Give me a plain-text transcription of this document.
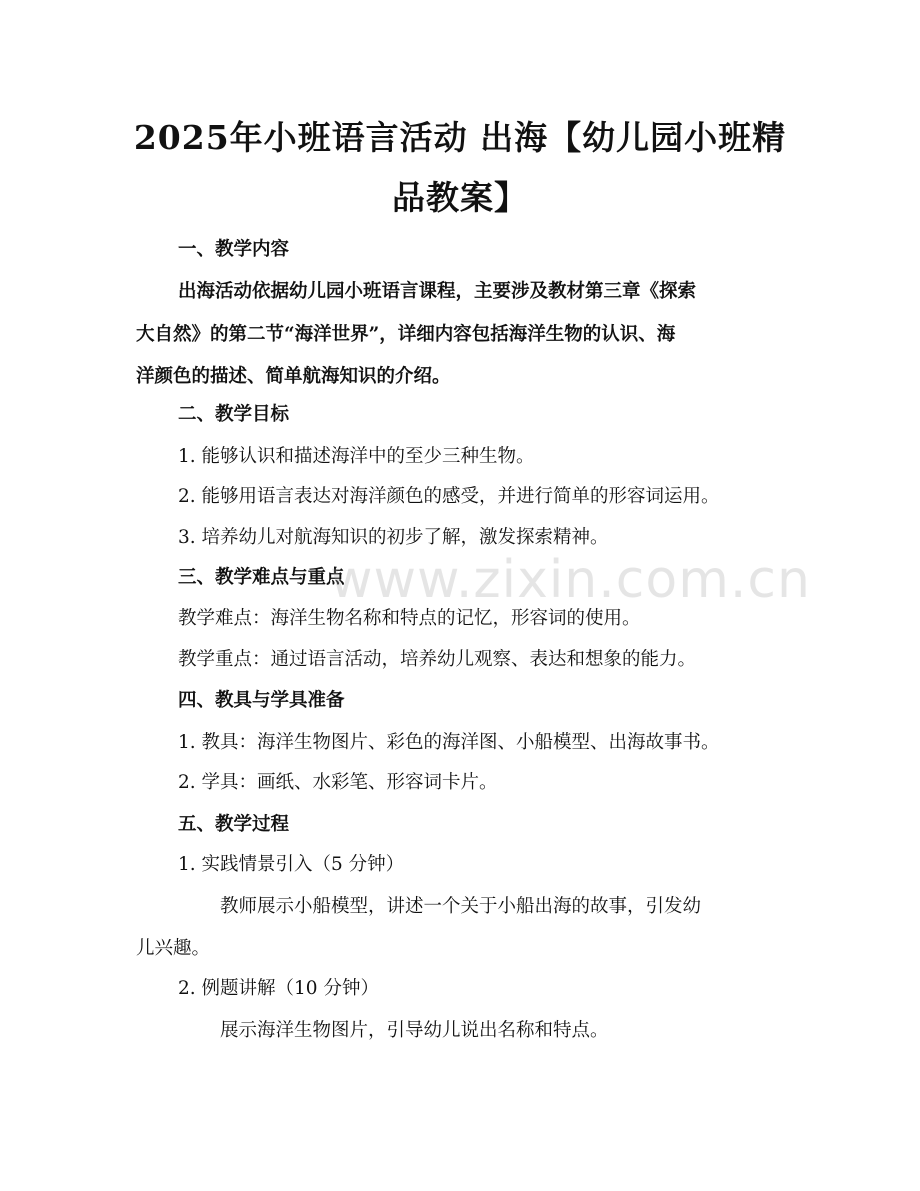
2025年小班语言活动 出海【幼儿园小班精
品教案】
一、教学内容
出海活动依据幼儿园小班语言课程，主要涉及教材第三章《探索
大自然》的第二节“海洋世界”，详细内容包括海洋生物的认识、海
洋颜色的描述、简单航海知识的介绍。
二、教学目标
1. 能够认识和描述海洋中的至少三种生物。
2. 能够用语言表达对海洋颜色的感受，并进行简单的形容词运用。
3. 培养幼儿对航海知识的初步了解，激发探索精神。
三、教学难点与重点
教学难点：海洋生物名称和特点的记忆，形容词的使用。
教学重点：通过语言活动，培养幼儿观察、表达和想象的能力。
四、教具与学具准备
1. 教具：海洋生物图片、彩色的海洋图、小船模型、出海故事书。
2. 学具：画纸、水彩笔、形容词卡片。
五、教学过程
1. 实践情景引入（5 分钟）
教师展示小船模型，讲述一个关于小船出海的故事，引发幼
儿兴趣。
2. 例题讲解（10 分钟）
展示海洋生物图片，引导幼儿说出名称和特点。
www.zixin.com.cn
